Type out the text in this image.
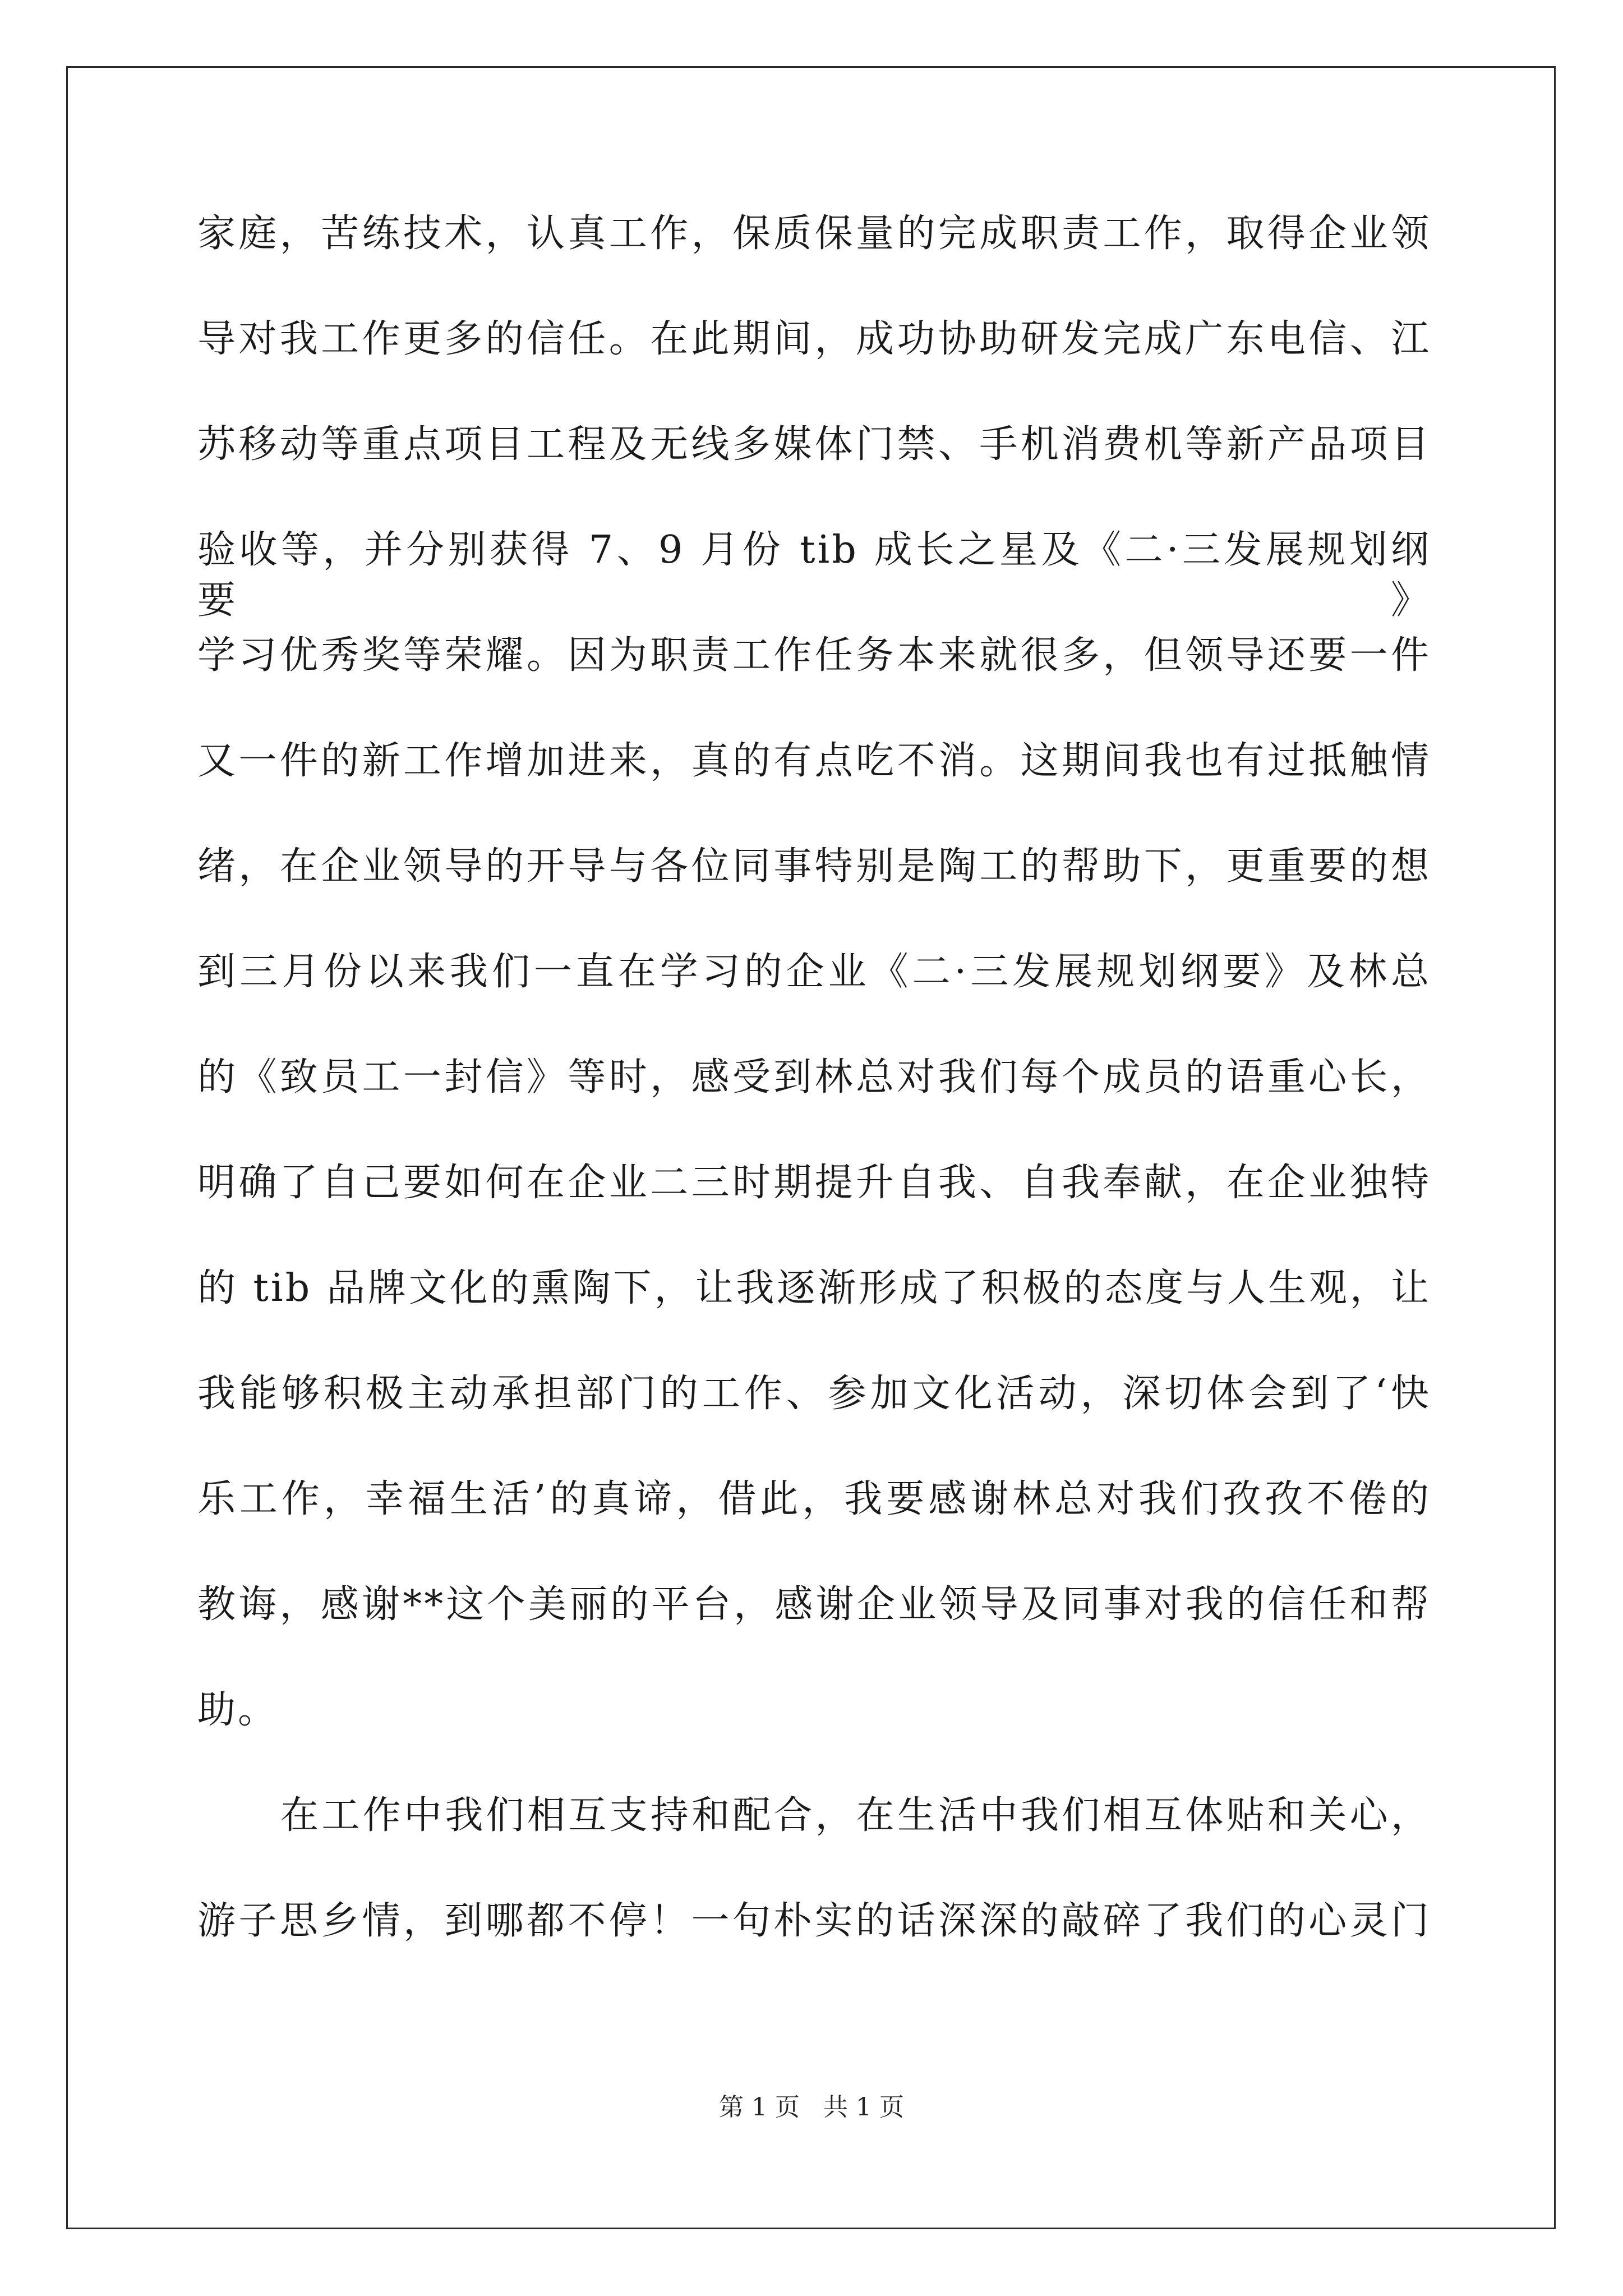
家庭，苦练技术，认真工作，保质保量的完成职责工作，取得企业领
导对我工作更多的信任。在此期间，成功协助研发完成广东电信、江
苏移动等重点项目工程及无线多媒体门禁、手机消费机等新产品项目
验收等，并分别获得 7、9 月份 tib 成长之星及《二·三发展规划纲要》
学习优秀奖等荣耀。因为职责工作任务本来就很多，但领导还要一件
又一件的新工作增加进来，真的有点吃不消。这期间我也有过抵触情
绪，在企业领导的开导与各位同事特别是陶工的帮助下，更重要的想
到三月份以来我们一直在学习的企业《二·三发展规划纲要》及林总
的《致员工一封信》等时，感受到林总对我们每个成员的语重心长，
明确了自己要如何在企业二三时期提升自我、自我奉献，在企业独特
的 tib 品牌文化的熏陶下，让我逐渐形成了积极的态度与人生观，让
我能够积极主动承担部门的工作、参加文化活动，深切体会到了‘快
乐工作，幸福生活’的真谛，借此，我要感谢林总对我们孜孜不倦的
教诲，感谢**这个美丽的平台，感谢企业领导及同事对我的信任和帮
助。
在工作中我们相互支持和配合，在生活中我们相互体贴和关心，
游子思乡情，到哪都不停！一句朴实的话深深的敲碎了我们的心灵门
第 1 页 共 1 页
